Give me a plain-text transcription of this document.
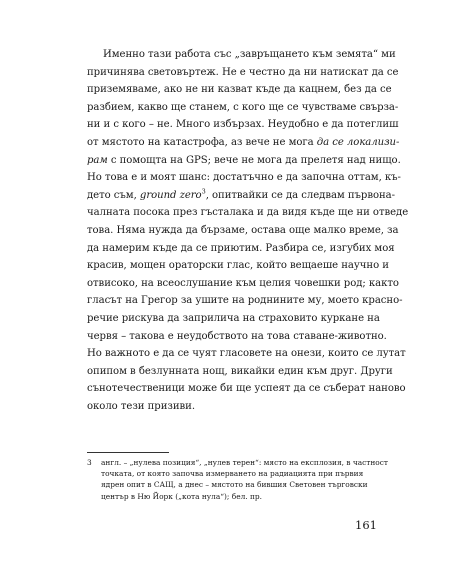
Именно тази работа със „завръщането към земята“ ми
причинява световъртеж. Не е честно да ни натискат да се
приземяваме, ако не ни казват къде да кацнем, без да се
разбием, какво ще станем, с кого ще се чувстваме свърза-
ни и с кого – не. Много избързах. Неудобно е да потеглиш
от мястото на катастрофа, аз вече не мога да се локализи-
рам с помощта на GPS; вече не мога да прелетя над нищо.
Но това е и моят шанс: достатъчно е да започна оттам, къ-
дето съм, ground zero$^3$, опитвайки се да следвам първона-
чалната посока през гъсталака и да видя къде ще ни отведе
това. Няма нужда да бързаме, остава още малко време, за
да намерим къде да се приютим. Разбира се, изгубих моя
красив, мощен ораторски глас, който вещаеше научно и
отвисоко, на всеослушание към целия човешки род; както
гласът на Грегор за ушите на роднините му, моето красно-
речие рискува да заприлича на страховито куркане на
червя – такова е неудобството на това ставане-животно.
Но важното е да се чуят гласовете на онези, които се лутат
опипом в безлунната нощ, викайки един към друг. Други
сънотечественици може би ще успеят да се съберат наново
около тези призиви.
3 англ. – „нулева позиция“, „нулев терен“: място на експлозия, в частност
точката, от която започва измерването на радиацията при първия
ядрен опит в САЩ, а днес – мястото на бившия Световен търговски
център в Ню Йорк („кота нула“); бел. пр.
161
